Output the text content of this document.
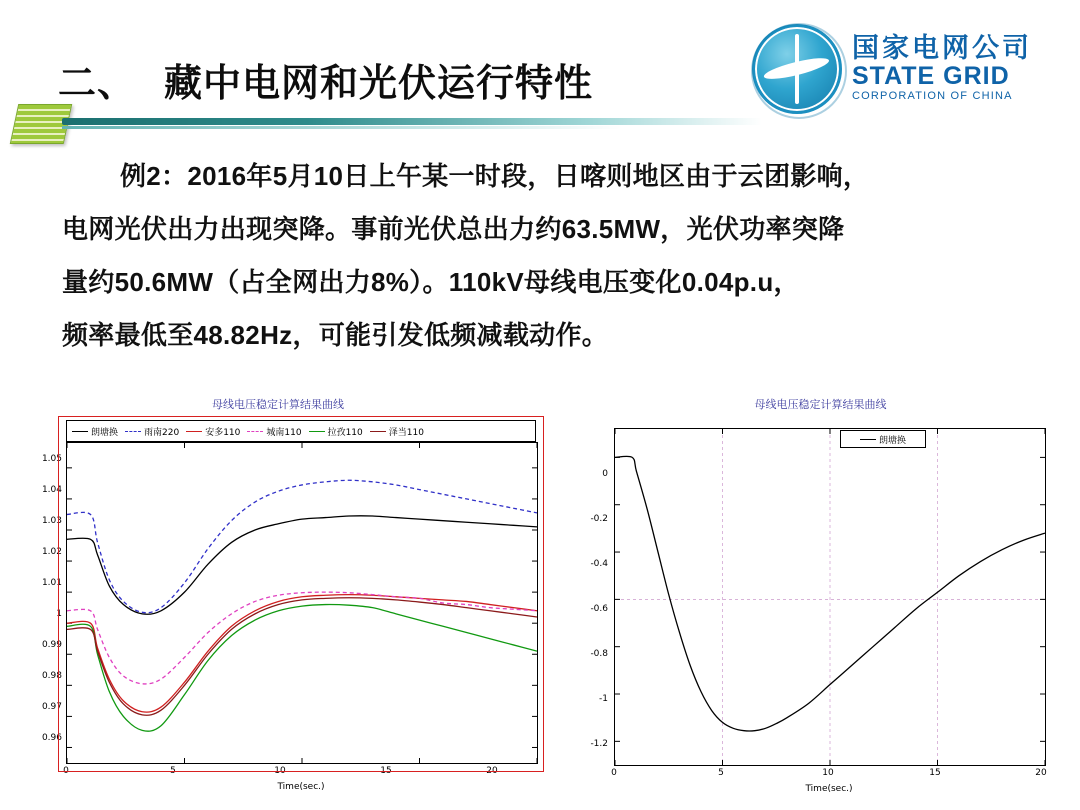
二、 藏中电网和光伏运行特性
国家电网公司
STATE GRID
CORPORATION OF CHINA
例2：2016年5月10日上午某一时段，日喀则地区由于云团影响，
电网光伏出力出现突降。事前光伏总出力约63.5MW，光伏功率突降
量约50.6MW（占全网出力8%）。110kV母线电压变化0.04p.u，
频率最低至48.82Hz，可能引发低频减载动作。
母线电压稳定计算结果曲线
朗塘换	雨南220	安多110	城南110	拉孜110	泽当110
1.05
1.04
1.03
1.02
1.01
1
0.99
0.98
0.97
0.96
0	5	10	15	20
Time(sec.)
母线电压稳定计算结果曲线
朗塘换
0
-0.2
-0.4
-0.6
-0.8
-1
-1.2
0	5	10	15	20
Time(sec.)
